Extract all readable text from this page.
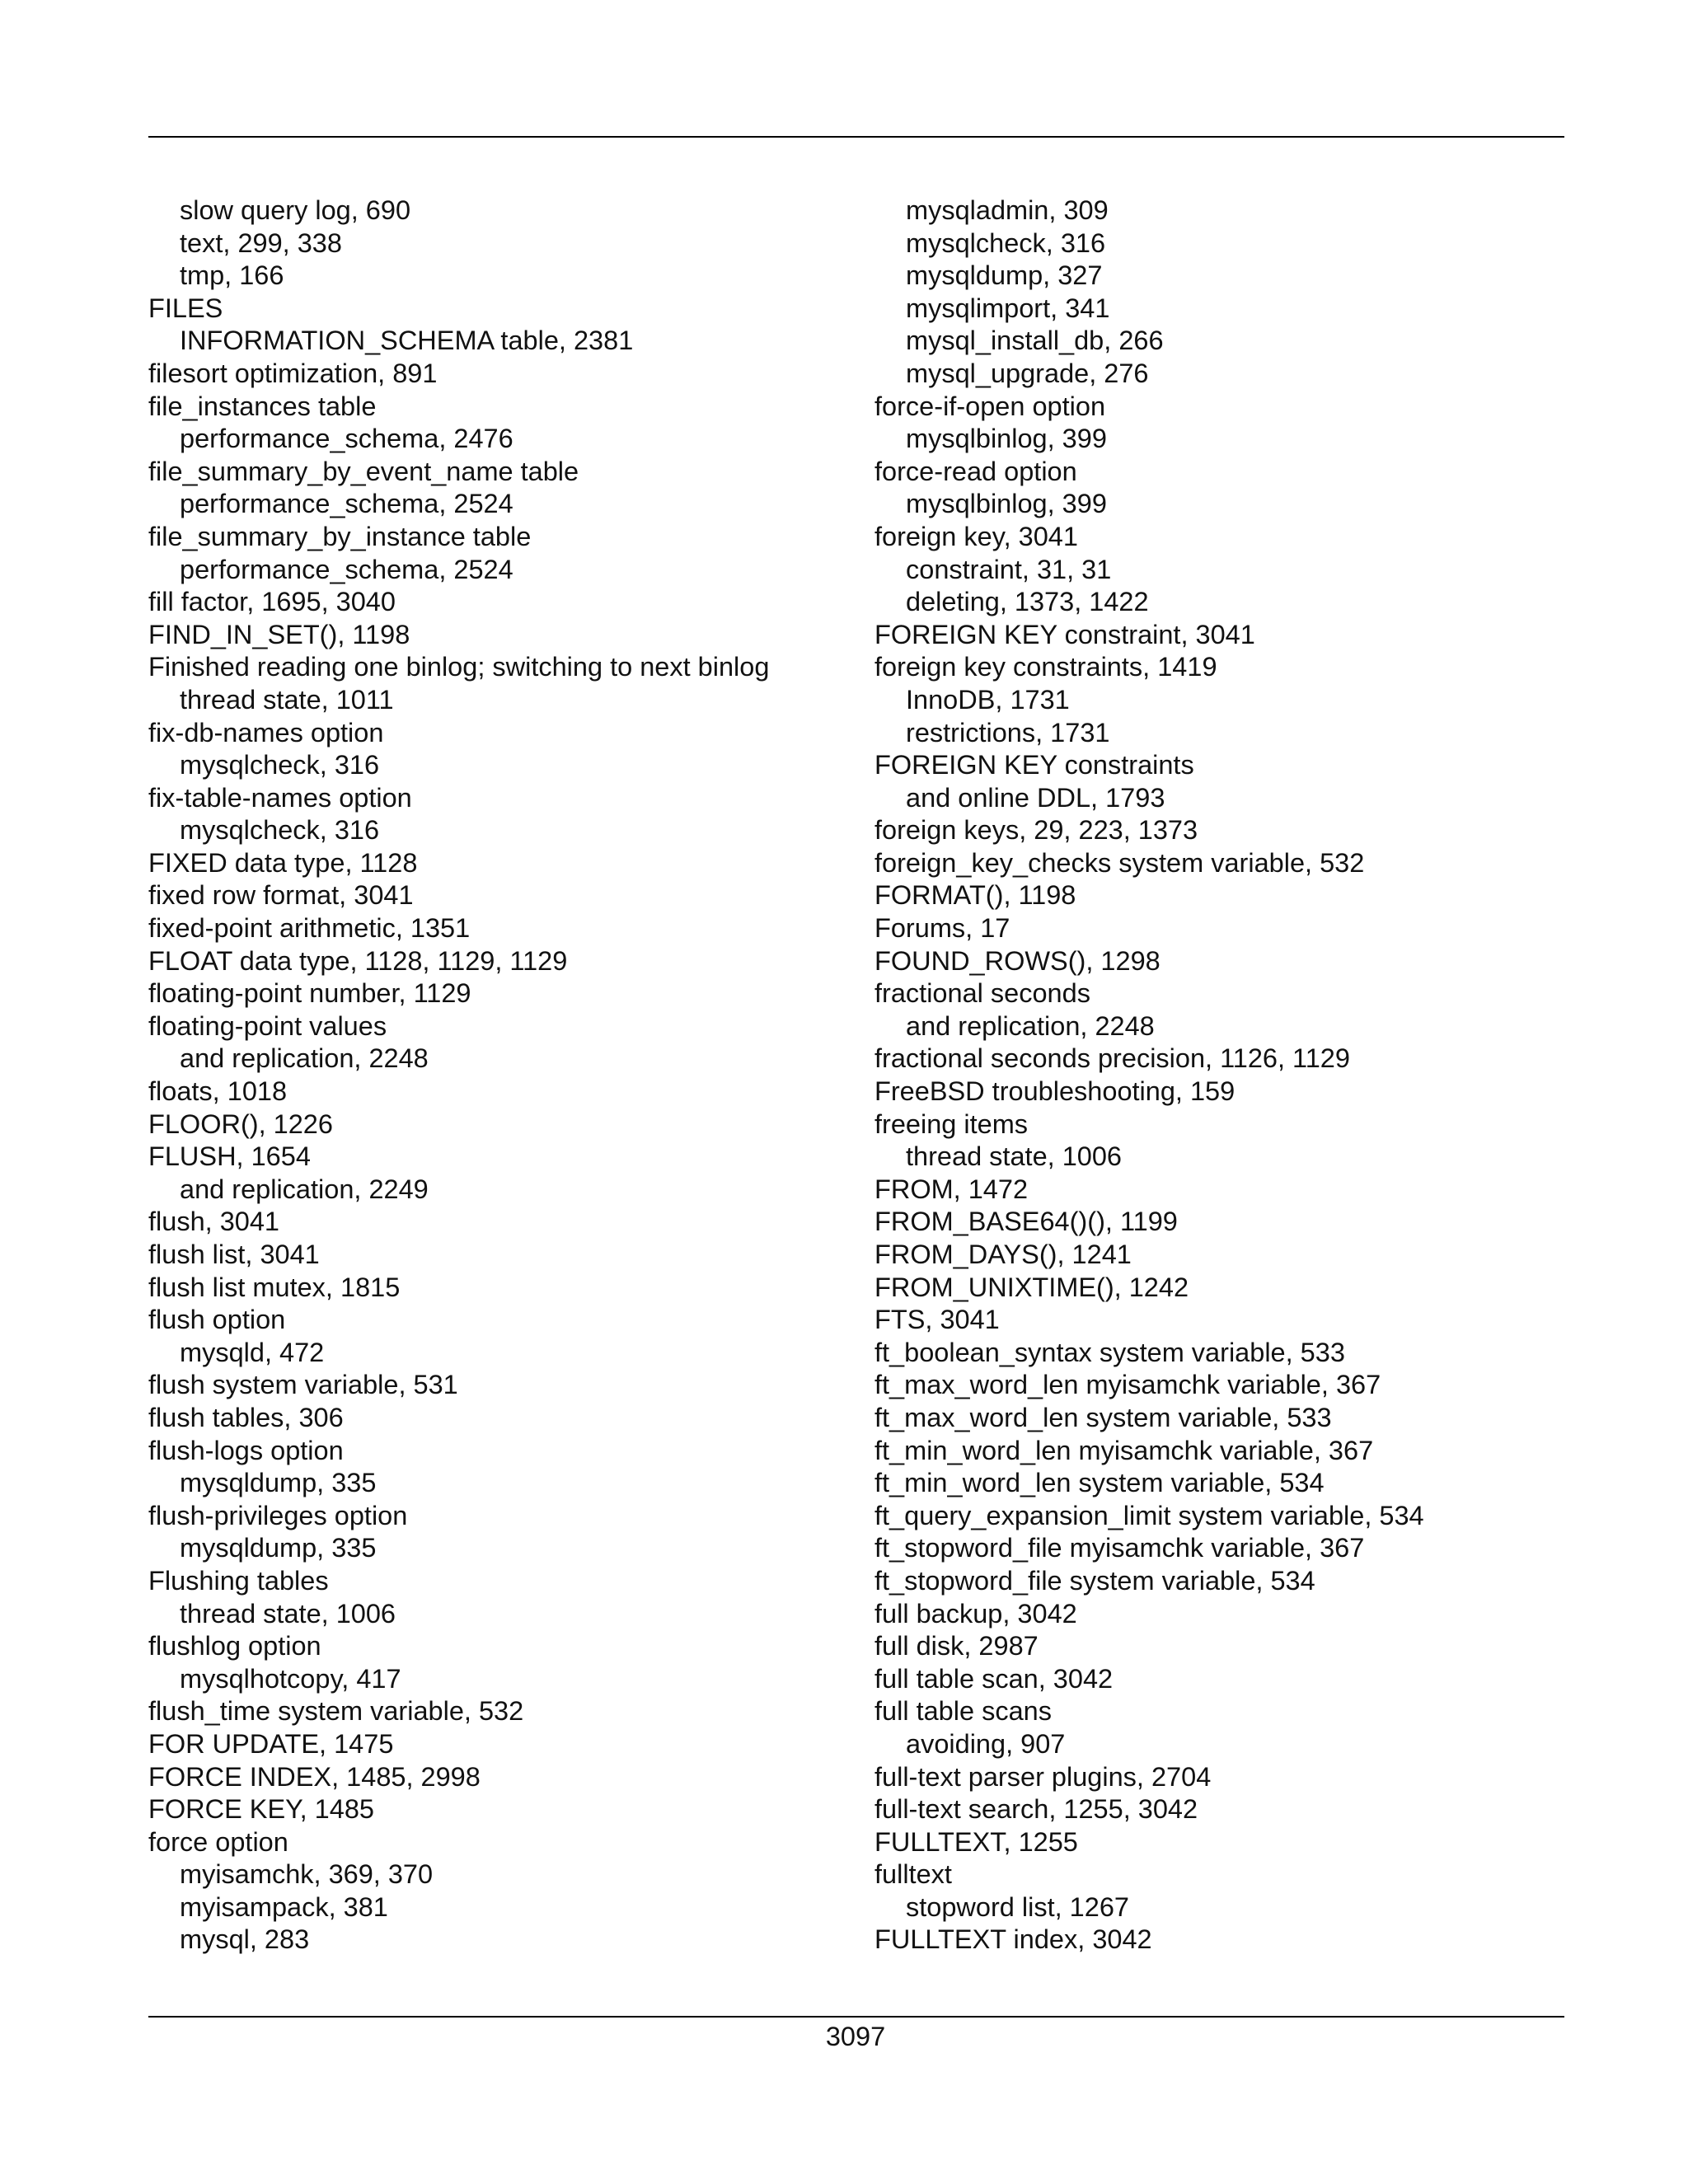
slow query log, 690
text, 299, 338
tmp, 166
FILES
INFORMATION_SCHEMA table, 2381
filesort optimization, 891
file_instances table
performance_schema, 2476
file_summary_by_event_name table
performance_schema, 2524
file_summary_by_instance table
performance_schema, 2524
fill factor, 1695, 3040
FIND_IN_SET(), 1198
Finished reading one binlog; switching to next binlog
thread state, 1011
fix-db-names option
mysqlcheck, 316
fix-table-names option
mysqlcheck, 316
FIXED data type, 1128
fixed row format, 3041
fixed-point arithmetic, 1351
FLOAT data type, 1128, 1129, 1129
floating-point number, 1129
floating-point values
and replication, 2248
floats, 1018
FLOOR(), 1226
FLUSH, 1654
and replication, 2249
flush, 3041
flush list, 3041
flush list mutex, 1815
flush option
mysqld, 472
flush system variable, 531
flush tables, 306
flush-logs option
mysqldump, 335
flush-privileges option
mysqldump, 335
Flushing tables
thread state, 1006
flushlog option
mysqlhotcopy, 417
flush_time system variable, 532
FOR UPDATE, 1475
FORCE INDEX, 1485, 2998
FORCE KEY, 1485
force option
myisamchk, 369, 370
myisampack, 381
mysql, 283
mysqladmin, 309
mysqlcheck, 316
mysqldump, 327
mysqlimport, 341
mysql_install_db, 266
mysql_upgrade, 276
force-if-open option
mysqlbinlog, 399
force-read option
mysqlbinlog, 399
foreign key, 3041
constraint, 31, 31
deleting, 1373, 1422
FOREIGN KEY constraint, 3041
foreign key constraints, 1419
InnoDB, 1731
restrictions, 1731
FOREIGN KEY constraints
and online DDL, 1793
foreign keys, 29, 223, 1373
foreign_key_checks system variable, 532
FORMAT(), 1198
Forums, 17
FOUND_ROWS(), 1298
fractional seconds
and replication, 2248
fractional seconds precision, 1126, 1129
FreeBSD troubleshooting, 159
freeing items
thread state, 1006
FROM, 1472
FROM_BASE64()(), 1199
FROM_DAYS(), 1241
FROM_UNIXTIME(), 1242
FTS, 3041
ft_boolean_syntax system variable, 533
ft_max_word_len myisamchk variable, 367
ft_max_word_len system variable, 533
ft_min_word_len myisamchk variable, 367
ft_min_word_len system variable, 534
ft_query_expansion_limit system variable, 534
ft_stopword_file myisamchk variable, 367
ft_stopword_file system variable, 534
full backup, 3042
full disk, 2987
full table scan, 3042
full table scans
avoiding, 907
full-text parser plugins, 2704
full-text search, 1255, 3042
FULLTEXT, 1255
fulltext
stopword list, 1267
FULLTEXT index, 3042
3097
